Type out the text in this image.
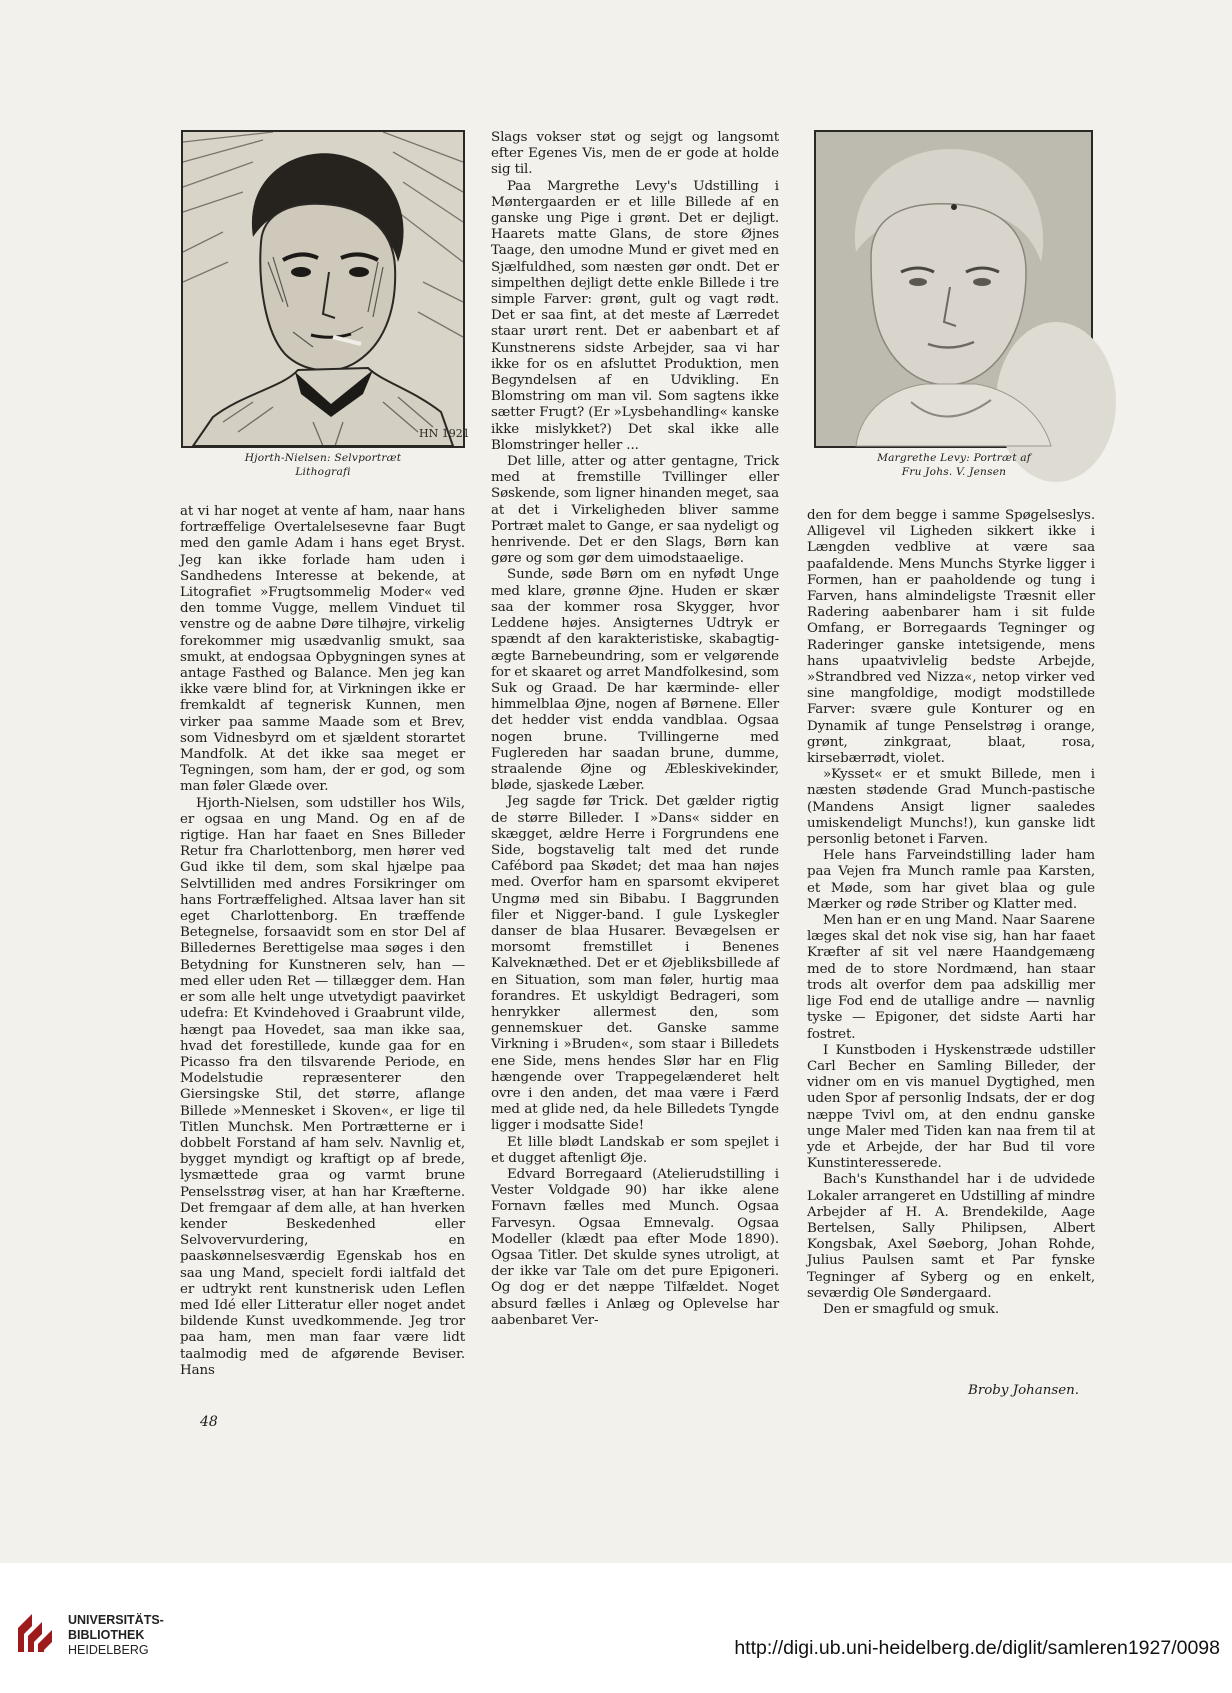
HN 1921
Hjorth-Nielsen: Selvportræt
Lithografi
Margrethe Levy: Portræt af
Fru Johs. V. Jensen

at vi har noget at vente af ham, naar hans fortræffelige Overtalelsesevne faar Bugt med den gamle Adam i hans eget Bryst. Jeg kan ikke forlade ham uden i Sandhedens Interesse at bekende, at Litografiet »Frugtsommelig Moder« ved den tomme Vugge, mellem Vinduet til venstre og de aabne Døre tilhøjre, virkelig forekommer mig usædvanlig smukt, saa smukt, at endogsaa Opbygningen synes at antage Fasthed og Balance. Men jeg kan ikke være blind for, at Virkningen ikke er fremkaldt af tegnerisk Kunnen, men virker paa samme Maade som et Brev, som Vidnesbyrd om et sjældent storartet Mandfolk. At det ikke saa meget er Tegningen, som ham, der er god, og som man føler Glæde over.

Hjorth-Nielsen, som udstiller hos Wils, er ogsaa en ung Mand. Og en af de rigtige. Han har faaet en Snes Billeder Retur fra Charlottenborg, men hører ved Gud ikke til dem, som skal hjælpe paa Selvtilliden med andres Forsikringer om hans Fortræffelighed. Altsaa laver han sit eget Charlottenborg. En træffende Betegnelse, forsaavidt som en stor Del af Billedernes Berettigelse maa søges i den Betydning for Kunstneren selv, han — med eller uden Ret — tillægger dem. Han er som alle helt unge utvetydigt paavirket udefra: Et Kvindehoved i Graabrunt vilde, hængt paa Hovedet, saa man ikke saa, hvad det forestillede, kunde gaa for en Picasso fra den tilsvarende Periode, en Modelstudie repræsenterer den Giersingske Stil, det større, aflange Billede »Mennesket i Skoven«, er lige til Titlen Munchsk. Men Portrætterne er i dobbelt Forstand af ham selv. Navnlig et, bygget myndigt og kraftigt op af brede, lysmættede graa og varmt brune Penselsstrøg viser, at han har Kræfterne. Det fremgaar af dem alle, at han hverken kender Beskedenhed eller Selvovervurdering, en paaskønnelsesværdig Egenskab hos en saa ung Mand, specielt fordi ialtfald det er udtrykt rent kunstnerisk uden Leflen med Idé eller Litteratur eller noget andet bildende Kunst uvedkommende. Jeg tror paa ham, men man faar være lidt taalmodig med de afgørende Beviser. Hans

Slags vokser støt og sejgt og langsomt efter Egenes Vis, men de er gode at holde sig til.

Paa Margrethe Levy's Udstilling i Møntergaarden er et lille Billede af en ganske ung Pige i grønt. Det er dejligt. Haarets matte Glans, de store Øjnes Taage, den umodne Mund er givet med en Sjælfuldhed, som næsten gør ondt. Det er simpelthen dejligt dette enkle Billede i tre simple Farver: grønt, gult og vagt rødt. Det er saa fint, at det meste af Lærredet staar urørt rent. Det er aabenbart et af Kunstnerens sidste Arbejder, saa vi har ikke for os en afsluttet Produktion, men Begyndelsen af en Udvikling. En Blomstring om man vil. Som sagtens ikke sætter Frugt? (Er »Lysbehandling« kanske ikke mislykket?) Det skal ikke alle Blomstringer heller ...

Det lille, atter og atter gentagne, Trick med at fremstille Tvillinger eller Søskende, som ligner hinanden meget, saa at det i Virkeligheden bliver samme Portræt malet to Gange, er saa nydeligt og henrivende. Det er den Slags, Børn kan gøre og som gør dem uimodstaaelige.

Sunde, søde Børn om en nyfødt Unge med klare, grønne Øjne. Huden er skær saa der kommer rosa Skygger, hvor Leddene højes. Ansigternes Udtryk er spændt af den karakteristiske, skabagtig-ægte Barnebeundring, som er velgørende for et skaaret og arret Mandfolkesind, som Suk og Graad. De har kærminde- eller himmelblaa Øjne, nogen af Børnene. Eller det hedder vist endda vandblaa. Ogsaa nogen brune. Tvillingerne med Fuglereden har saadan brune, dumme, straalende Øjne og Æbleskivekinder, bløde, sjaskede Læber.

Jeg sagde før Trick. Det gælder rigtig de større Billeder. I »Dans« sidder en skægget, ældre Herre i Forgrundens ene Side, bogstavelig talt med det runde Cafébord paa Skødet; det maa han nøjes med. Overfor ham en sparsomt ekviperet Ungmø med sin Bibabu. I Baggrunden filer et Nigger-band. I gule Lyskegler danser de blaa Husarer. Bevægelsen er morsomt fremstillet i Benenes Kalveknæthed. Det er et Øjebliksbillede af en Situation, som man føler, hurtig maa forandres. Et uskyldigt Bedrageri, som henrykker allermest den, som gennemskuer det. Ganske samme Virkning i »Bruden«, som staar i Billedets ene Side, mens hendes Slør har en Flig hængende over Trappegelænderet helt ovre i den anden, det maa være i Færd med at glide ned, da hele Billedets Tyngde ligger i modsatte Side!

Et lille blødt Landskab er som spejlet i et dugget aftenligt Øje.

Edvard Borregaard (Atelierudstilling i Vester Voldgade 90) har ikke alene Fornavn fælles med Munch. Ogsaa Farvesyn. Ogsaa Emnevalg. Ogsaa Modeller (klædt paa efter Mode 1890). Ogsaa Titler. Det skulde synes utroligt, at der ikke var Tale om det pure Epigoneri. Og dog er det næppe Tilfældet. Noget absurd fælles i Anlæg og Oplevelse har aabenbaret Ver-

den for dem begge i samme Spøgelseslys. Alligevel vil Ligheden sikkert ikke i Længden vedblive at være saa paafaldende. Mens Munchs Styrke ligger i Formen, han er paaholdende og tung i Farven, hans almindeligste Træsnit eller Radering aabenbarer ham i sit fulde Omfang, er Borregaards Tegninger og Raderinger ganske intetsigende, mens hans upaatvivlelig bedste Arbejde, »Strandbred ved Nizza«, netop virker ved sine mangfoldige, modigt modstillede Farver: svære gule Konturer og en Dynamik af tunge Penselstrøg i orange, grønt, zinkgraat, blaat, rosa, kirsebærrødt, violet.

»Kysset« er et smukt Billede, men i næsten stødende Grad Munch-pastische (Mandens Ansigt ligner saaledes umiskendeligt Munchs!), kun ganske lidt personlig betonet i Farven.

Hele hans Farveindstilling lader ham paa Vejen fra Munch ramle paa Karsten, et Møde, som har givet blaa og gule Mærker og røde Striber og Klatter med.

Men han er en ung Mand. Naar Saarene læges skal det nok vise sig, han har faaet Kræfter af sit vel nære Haandgemæng med de to store Nordmænd, han staar trods alt overfor dem paa adskillig mer lige Fod end de utallige andre — navnlig tyske — Epigoner, det sidste Aarti har fostret.

I Kunstboden i Hyskenstræde udstiller Carl Becher en Samling Billeder, der vidner om en vis manuel Dygtighed, men uden Spor af personlig Indsats, der er dog næppe Tvivl om, at den endnu ganske unge Maler med Tiden kan naa frem til at yde et Arbejde, der har Bud til vore Kunstinteresserede.

Bach's Kunsthandel har i de udvidede Lokaler arrangeret en Udstilling af mindre Arbejder af H. A. Brendekilde, Aage Bertelsen, Sally Philipsen, Albert Kongsbak, Axel Søeborg, Johan Rohde, Julius Paulsen samt et Par fynske Tegninger af Syberg og en enkelt, seværdig Ole Søndergaard.

Den er smagfuld og smuk.

Broby Johansen.
48
UNIVERSITÄTS-
BIBLIOTHEK
HEIDELBERG	http://digi.ub.uni-heidelberg.de/diglit/samleren1927/0098
